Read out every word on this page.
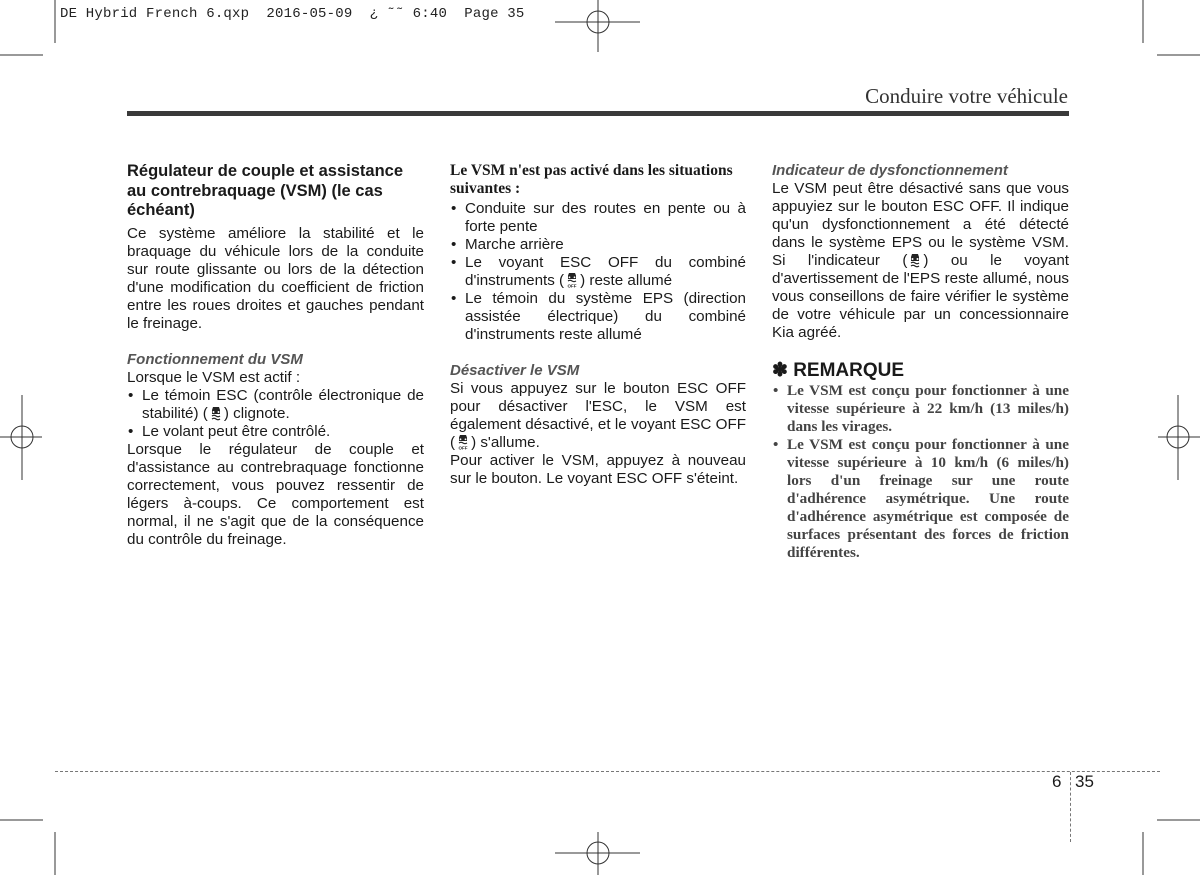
DE Hybrid French 6.qxp  2016-05-09  ¿ ˜˜ 6:40  Page 35
Conduire votre véhicule
Régulateur de couple et assistance au contrebraquage (VSM) (le cas échéant)

Ce système améliore la stabilité et le braquage du véhicule lors de la conduite sur route glissante ou lors de la détection d'une modification du coefficient de friction entre les roues droites et gauches pendant le freinage.

Fonctionnement du VSM

Lorsque le VSM est actif :

• Le témoin ESC (contrôle électronique de stabilité) ( ) clignote.
• Le volant peut être contrôlé.

Lorsque le régulateur de couple et d'assistance au contrebraquage fonctionne correctement, vous pouvez ressentir de légers à-coups. Ce comportement est normal, il ne s'agit que de la conséquence du contrôle du freinage.

Le VSM n'est pas activé dans les situations suivantes :
• Conduite sur des routes en pente ou à forte pente
• Marche arrière
• Le voyant ESC OFF du combiné d'instruments ( OFF ) reste allumé
• Le témoin du système EPS (direction assistée électrique) du combiné d'instruments reste allumé
Désactiver le VSM

Si vous appuyez sur le bouton ESC OFF pour désactiver l'ESC, le VSM est également désactivé, et le voyant ESC OFF ( OFF ) s'allume.

Pour activer le VSM, appuyez à nouveau sur le bouton. Le voyant ESC OFF s'éteint.

Indicateur de dysfonctionnement

Le VSM peut être désactivé sans que vous appuyiez sur le bouton ESC OFF. Il indique qu'un dysfonctionnement a été détecté dans le système EPS ou le système VSM. Si l'indicateur ( ) ou le voyant d'avertissement de l'EPS reste allumé, nous vous conseillons de faire vérifier le système de votre véhicule par un concessionnaire Kia agréé.

✽ REMARQUE
• Le VSM est conçu pour fonctionner à une vitesse supérieure à 22 km/h (13 miles/h) dans les virages.
• Le VSM est conçu pour fonctionner à une vitesse supérieure à 10 km/h (6 miles/h) lors d'un freinage sur une route d'adhérence asymétrique. Une route d'adhérence asymétrique est composée de surfaces présentant des forces de friction différentes.
6 35
